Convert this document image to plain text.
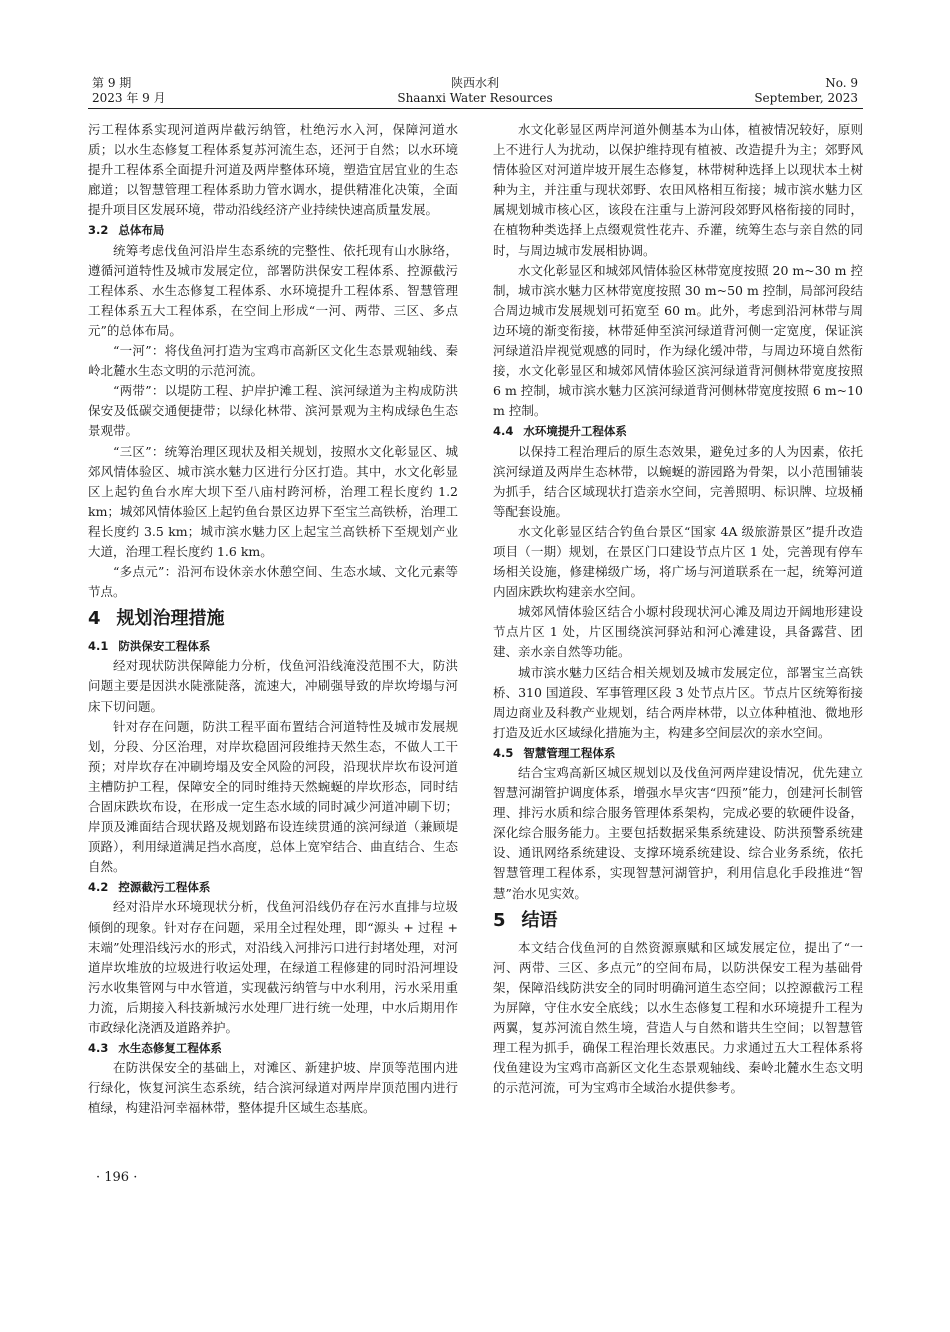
第 9 期
2023 年 9 月
陕西水利
Shaanxi Water Resources
No. 9
September, 2023

污工程体系实现河道两岸截污纳管，杜绝污水入河，保障河道水质；以水生态修复工程体系复苏河流生态，还河于自然；以水环境提升工程体系全面提升河道及两岸整体环境，塑造宜居宜业的生态廊道；以智慧管理工程体系助力管水调水，提供精准化决策，全面提升项目区发展环境，带动沿线经济产业持续快速高质量发展。

3.2 总体布局

统筹考虑伐鱼河沿岸生态系统的完整性、依托现有山水脉络，遵循河道特性及城市发展定位，部署防洪保安工程体系、控源截污工程体系、水生态修复工程体系、水环境提升工程体系、智慧管理工程体系五大工程体系，在空间上形成“一河、两带、三区、多点元”的总体布局。

“一河”：将伐鱼河打造为宝鸡市高新区文化生态景观轴线、秦岭北麓水生态文明的示范河流。

“两带”：以堤防工程、护岸护滩工程、滨河绿道为主构成防洪保安及低碳交通便捷带；以绿化林带、滨河景观为主构成绿色生态景观带。

“三区”：统筹治理区现状及相关规划，按照水文化彰显区、城郊风情体验区、城市滨水魅力区进行分区打造。其中，水文化彰显区上起钓鱼台水库大坝下至八庙村跨河桥，治理工程长度约 1.2 km；城郊风情体验区上起钓鱼台景区边界下至宝兰高铁桥，治理工程长度约 3.5 km；城市滨水魅力区上起宝兰高铁桥下至规划产业大道，治理工程长度约 1.6 km。

“多点元”：沿河布设休亲水休憩空间、生态水域、文化元素等节点。

4 规划治理措施
4.1 防洪保安工程体系

经对现状防洪保障能力分析，伐鱼河沿线淹没范围不大，防洪问题主要是因洪水陡涨陡落，流速大，冲刷强导致的岸坎垮塌与河床下切问题。

针对存在问题，防洪工程平面布置结合河道特性及城市发展规划，分段、分区治理，对岸坎稳固河段维持天然生态，不做人工干预；对岸坎存在冲刷垮塌及安全风险的河段，沿现状岸坎布设河道主槽防护工程，保障安全的同时维持天然蜿蜒的岸坎形态，同时结合固床跌坎布设，在形成一定生态水域的同时减少河道冲刷下切；岸顶及滩面结合现状路及规划路布设连续贯通的滨河绿道（兼顾堤顶路），利用绿道满足挡水高度，总体上宽窄结合、曲直结合、生态自然。

4.2 控源截污工程体系

经对沿岸水环境现状分析，伐鱼河沿线仍存在污水直排与垃圾倾倒的现象。针对存在问题，采用全过程处理，即“源头 + 过程 + 末端”处理沿线污水的形式，对沿线入河排污口进行封堵处理，对河道岸坎堆放的垃圾进行收运处理，在绿道工程修建的同时沿河埋设污水收集管网与中水管道，实现截污纳管与中水利用，污水采用重力流，后期接入科技新城污水处理厂进行统一处理，中水后期用作市政绿化浇洒及道路养护。

4.3 水生态修复工程体系

在防洪保安全的基础上，对滩区、新建护坡、岸顶等范围内进行绿化，恢复河滨生态系统，结合滨河绿道对两岸岸顶范围内进行植绿，构建沿河幸福林带，整体提升区域生态基底。

水文化彰显区两岸河道外侧基本为山体，植被情况较好，原则上不进行人为扰动，以保护维持现有植被、改造提升为主；郊野风情体验区对河道岸坡开展生态修复，林带树种选择上以现状本土树种为主，并注重与现状郊野、农田风格相互衔接；城市滨水魅力区属规划城市核心区，该段在注重与上游河段郊野风格衔接的同时，在植物种类选择上点缀观赏性花卉、乔灌，统筹生态与亲自然的同时，与周边城市发展相协调。

水文化彰显区和城郊风情体验区林带宽度按照 20 m~30 m 控制，城市滨水魅力区林带宽度按照 30 m~50 m 控制，局部河段结合周边城市发展规划可拓宽至 60 m。此外，考虑到沿河林带与周边环境的渐变衔接，林带延伸至滨河绿道背河侧一定宽度，保证滨河绿道沿岸视觉观感的同时，作为绿化缓冲带，与周边环境自然衔接，水文化彰显区和城郊风情体验区滨河绿道背河侧林带宽度按照 6 m 控制，城市滨水魅力区滨河绿道背河侧林带宽度按照 6 m~10 m 控制。

4.4 水环境提升工程体系

以保持工程治理后的原生态效果，避免过多的人为因素，依托滨河绿道及两岸生态林带，以蜿蜒的游园路为骨架，以小范围铺装为抓手，结合区域现状打造亲水空间，完善照明、标识牌、垃圾桶等配套设施。

水文化彰显区结合钓鱼台景区“国家 4A 级旅游景区”提升改造项目（一期）规划，在景区门口建设节点片区 1 处，完善现有停车场相关设施，修建梯级广场，将广场与河道联系在一起，统筹河道内固床跌坎构建亲水空间。

城郊风情体验区结合小塬村段现状河心滩及周边开阔地形建设节点片区 1 处，片区围绕滨河驿站和河心滩建设，具备露营、团建、亲水亲自然等功能。

城市滨水魅力区结合相关规划及城市发展定位，部署宝兰高铁桥、310 国道段、军事管理区段 3 处节点片区。节点片区统筹衔接周边商业及科教产业规划，结合两岸林带，以立体种植池、微地形打造及近水区域绿化措施为主，构建多空间层次的亲水空间。

4.5 智慧管理工程体系

结合宝鸡高新区城区规划以及伐鱼河两岸建设情况，优先建立智慧河湖管护调度体系，增强水旱灾害“四预”能力，创建河长制管理、排污水质和综合服务管理体系架构，完成必要的软硬件设备，深化综合服务能力。主要包括数据采集系统建设、防洪预警系统建设、通讯网络系统建设、支撑环境系统建设、综合业务系统，依托智慧管理工程体系，实现智慧河湖管护，利用信息化手段推进“智慧”治水见实效。

5 结语

本文结合伐鱼河的自然资源禀赋和区域发展定位，提出了“一河、两带、三区、多点元”的空间布局，以防洪保安工程为基础骨架，保障沿线防洪安全的同时明确河道生态空间；以控源截污工程为屏障，守住水安全底线；以水生态修复工程和水环境提升工程为两翼，复苏河流自然生境，营造人与自然和谐共生空间；以智慧管理工程为抓手，确保工程治理长效惠民。力求通过五大工程体系将伐鱼建设为宝鸡市高新区文化生态景观轴线、秦岭北麓水生态文明的示范河流，可为宝鸡市全域治水提供参考。

· 196 ·
